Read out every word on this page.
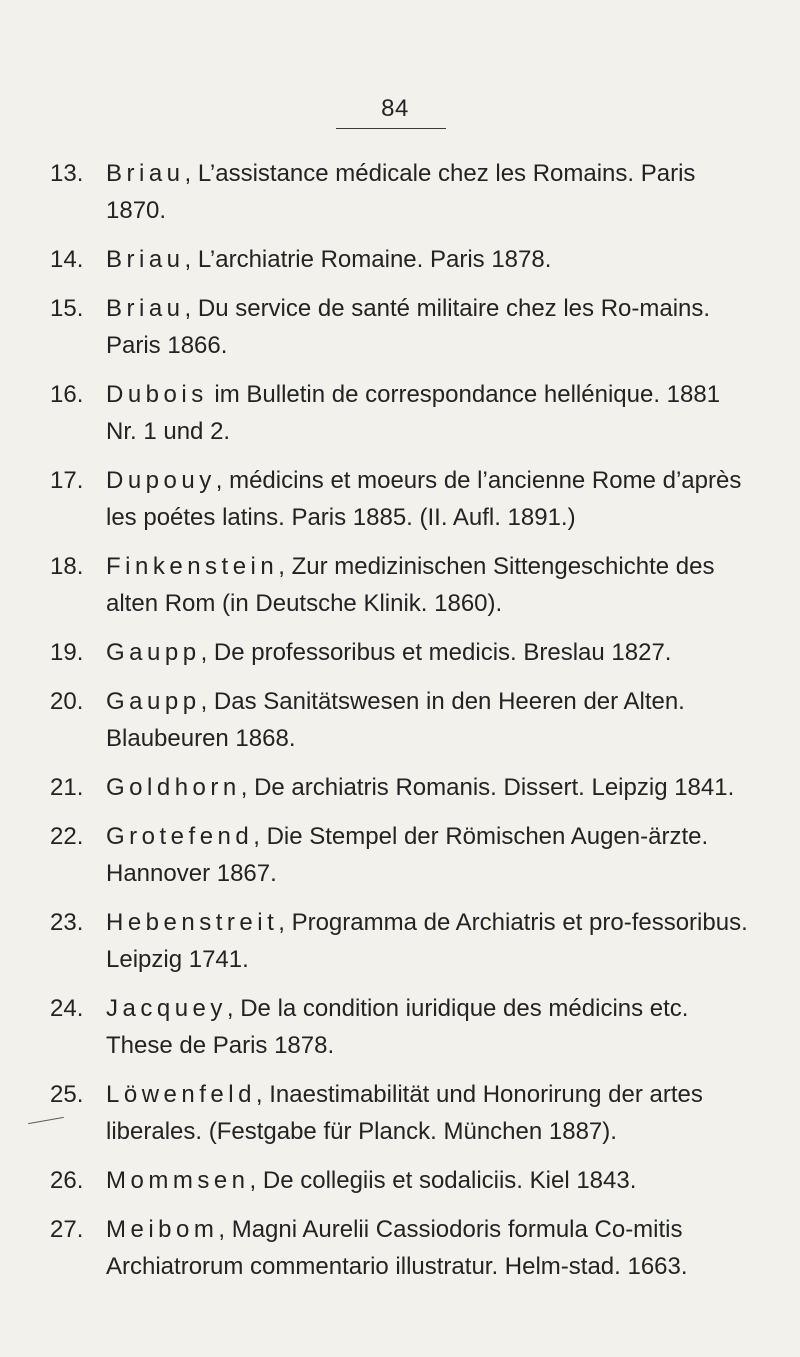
84
13. Briau, L’assistance médicale chez les Romains. Paris 1870.
14. Briau, L’archiatrie Romaine. Paris 1878.
15. Briau, Du service de santé militaire chez les Ro-mains. Paris 1866.
16. Dubois im Bulletin de correspondance hellénique. 1881 Nr. 1 und 2.
17. Dupouy, médicins et moeurs de l’ancienne Rome d’après les poétes latins. Paris 1885. (II. Aufl. 1891.)
18. Finkenstein, Zur medizinischen Sittengeschichte des alten Rom (in Deutsche Klinik. 1860).
19. Gaupp, De professoribus et medicis. Breslau 1827.
20. Gaupp, Das Sanitätswesen in den Heeren der Alten. Blaubeuren 1868.
21. Goldhorn, De archiatris Romanis. Dissert. Leipzig 1841.
22. Grotefend, Die Stempel der Römischen Augen-ärzte. Hannover 1867.
23. Hebenstreit, Programma de Archiatris et pro-fessoribus. Leipzig 1741.
24. Jacquey, De la condition iuridique des médicins etc. These de Paris 1878.
25. Löwenfeld, Inaestimabilität und Honorirung der artes liberales. (Festgabe für Planck. München 1887).
26. Mommsen, De collegiis et sodaliciis. Kiel 1843.
27. Meibom, Magni Aurelii Cassiodoris formula Co-mitis Archiatrorum commentario illustratur. Helm-stad. 1663.
